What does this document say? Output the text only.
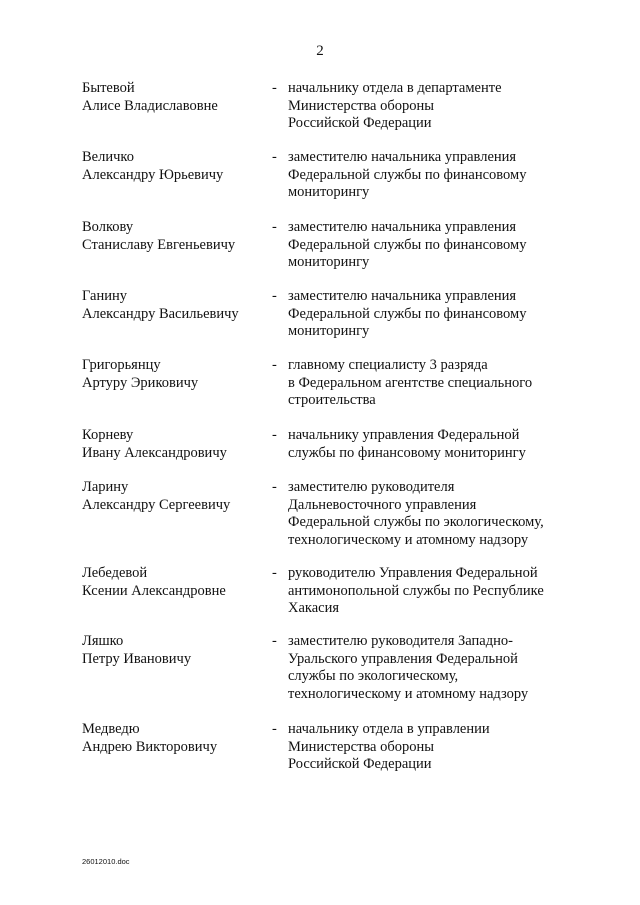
2
Бытевой
Алисе Владиславовне
- начальнику отдела в департаменте
Министерства обороны
Российской Федерации
Величко
Александру Юрьевичу
- заместителю начальника управления
Федеральной службы по финансовому
мониторингу
Волкову
Станиславу Евгеньевичу
- заместителю начальника управления
Федеральной службы по финансовому
мониторингу
Ганину
Александру Васильевичу
- заместителю начальника управления
Федеральной службы по финансовому
мониторингу
Григорьянцу
Артуру Эриковичу
- главному специалисту 3 разряда
в Федеральном агентстве специального
строительства
Корневу
Ивану Александровичу
- начальнику управления Федеральной
службы по финансовому мониторингу
Ларину
Александру Сергеевичу
- заместителю руководителя
Дальневосточного управления
Федеральной службы по экологическому,
технологическому и атомному надзору
Лебедевой
Ксении Александровне
- руководителю Управления Федеральной
антимонопольной службы по Республике
Хакасия
Ляшко
Петру Ивановичу
- заместителю руководителя Западно-
Уральского управления Федеральной
службы по экологическому,
технологическому и атомному надзору
Медведю
Андрею Викторовичу
- начальнику отдела в управлении
Министерства обороны
Российской Федерации
26012010.doc
